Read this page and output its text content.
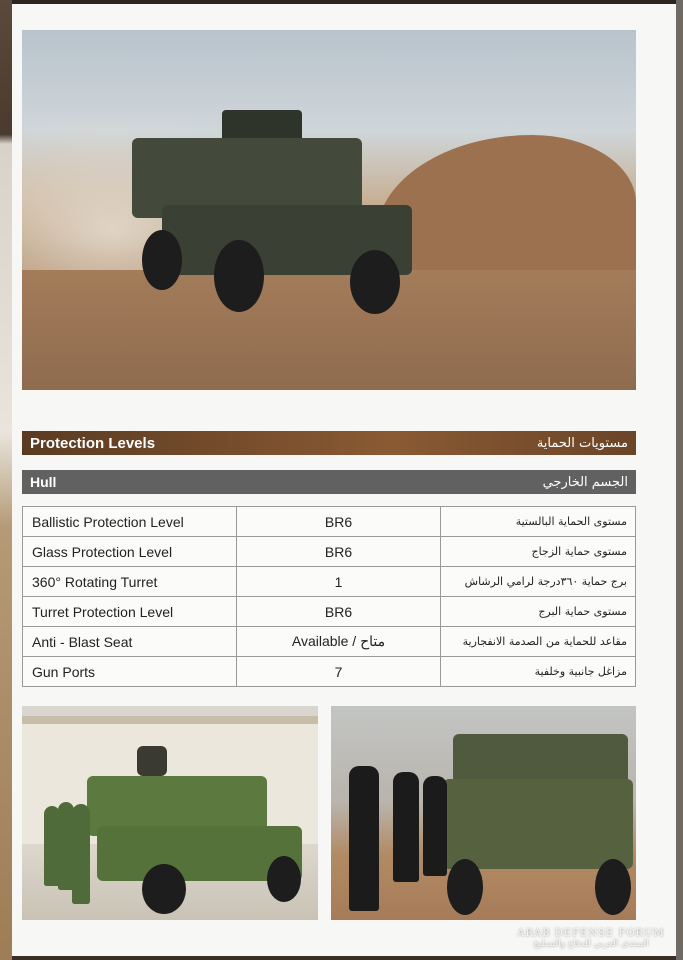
Protection Levels	مستويات الحماية
Hull	الجسم الخارجي
Ballistic Protection Level	BR6	مستوى الحماية البالستية
Glass Protection Level	BR6	مستوى حماية الزجاج
360° Rotating Turret	1	برج حماية ٣٦٠درجة لرامي الرشاش
Turret Protection Level	BR6	مستوى حماية البرج
Anti - Blast Seat	Available / متاح	مقاعد للحماية من الصدمة الانفجارية
Gun Ports	7	مزاغل جانبية وخلفية
ARAB DEFENSE FORUM
المنتدى العربي للدفاع والتسليح
